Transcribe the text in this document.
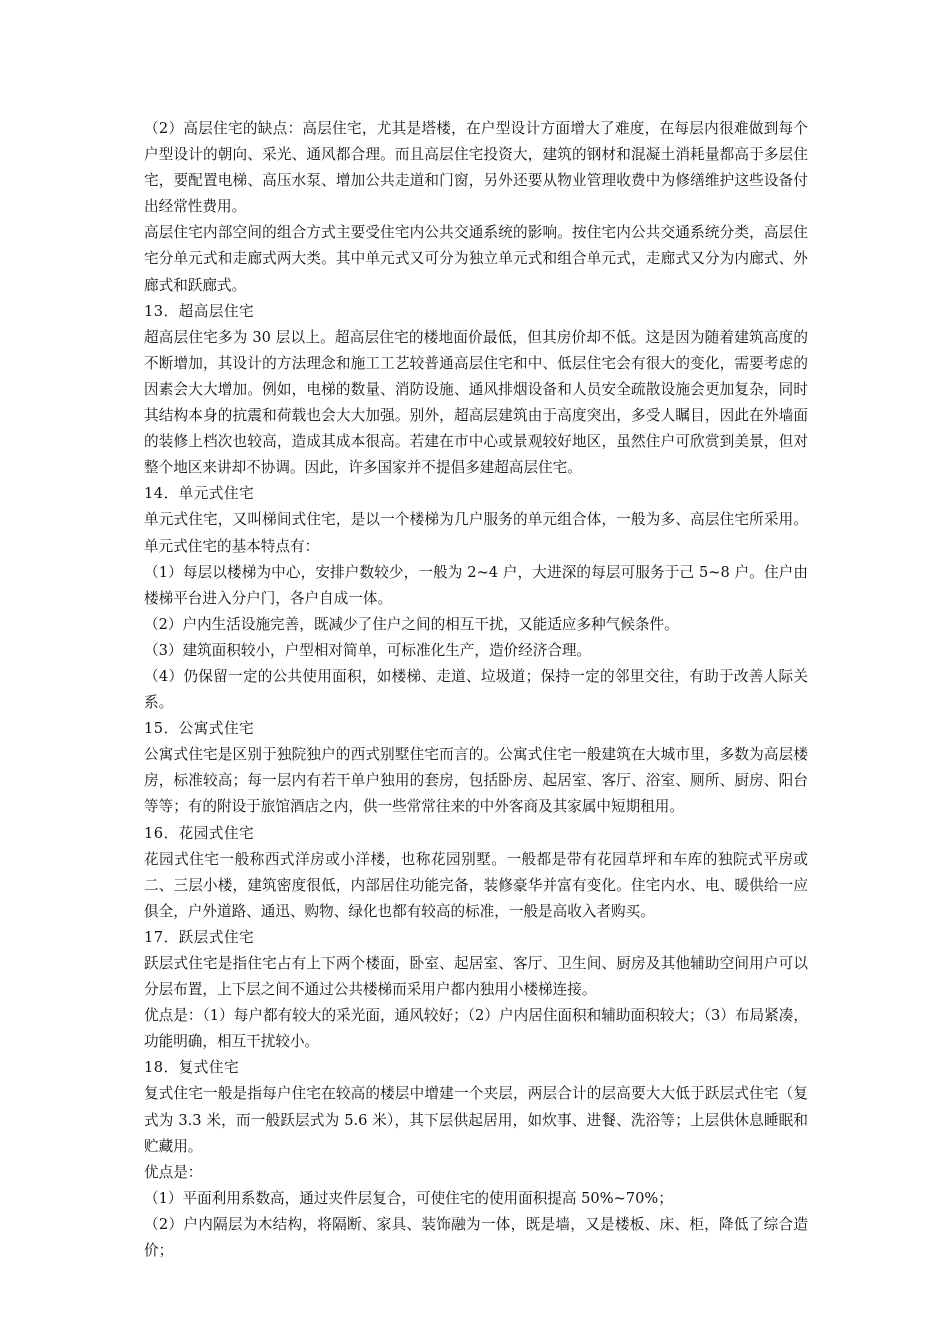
（2）高层住宅的缺点：高层住宅，尤其是塔楼，在户型设计方面增大了难度，在每层内很难做到每个户型设计的朝向、采光、通风都合理。而且高层住宅投资大，建筑的钢材和混凝土消耗量都高于多层住宅，要配置电梯、高压水泵、增加公共走道和门窗，另外还要从物业管理收费中为修缮维护这些设备付出经常性费用。

高层住宅内部空间的组合方式主要受住宅内公共交通系统的影响。按住宅内公共交通系统分类，高层住宅分单元式和走廊式两大类。其中单元式又可分为独立单元式和组合单元式，走廊式又分为内廊式、外廊式和跃廊式。

13．超高层住宅

超高层住宅多为 30 层以上。超高层住宅的楼地面价最低，但其房价却不低。这是因为随着建筑高度的不断增加，其设计的方法理念和施工工艺较普通高层住宅和中、低层住宅会有很大的变化，需要考虑的因素会大大增加。例如，电梯的数量、消防设施、通风排烟设备和人员安全疏散设施会更加复杂，同时其结构本身的抗震和荷载也会大大加强。别外，超高层建筑由于高度突出，多受人瞩目，因此在外墙面的装修上档次也较高，造成其成本很高。若建在市中心或景观较好地区，虽然住户可欣赏到美景，但对整个地区来讲却不协调。因此，许多国家并不提倡多建超高层住宅。

14．单元式住宅

单元式住宅，又叫梯间式住宅，是以一个楼梯为几户服务的单元组合体，一般为多、高层住宅所采用。单元式住宅的基本特点有：

（1）每层以楼梯为中心，安排户数较少，一般为 2~4 户，大进深的每层可服务于己 5~8 户。住户由楼梯平台进入分户门，各户自成一体。

（2）户内生活设施完善，既减少了住户之间的相互干扰，又能适应多种气候条件。

（3）建筑面积较小，户型相对简单，可标准化生产，造价经济合理。

（4）仍保留一定的公共使用面积，如楼梯、走道、垃圾道；保持一定的邻里交往，有助于改善人际关系。

15．公寓式住宅

公寓式住宅是区别于独院独户的西式别墅住宅而言的。公寓式住宅一般建筑在大城市里，多数为高层楼房，标准较高；每一层内有若干单户独用的套房，包括卧房、起居室、客厅、浴室、厕所、厨房、阳台等等；有的附设于旅馆酒店之内，供一些常常往来的中外客商及其家属中短期租用。

16．花园式住宅

花园式住宅一般称西式洋房或小洋楼，也称花园别墅。一般都是带有花园草坪和车库的独院式平房或二、三层小楼，建筑密度很低，内部居住功能完备，装修豪华并富有变化。住宅内水、电、暖供给一应俱全，户外道路、通迅、购物、绿化也都有较高的标准，一般是高收入者购买。

17．跃层式住宅

跃层式住宅是指住宅占有上下两个楼面，卧室、起居室、客厅、卫生间、厨房及其他辅助空间用户可以分层布置，上下层之间不通过公共楼梯而采用户都内独用小楼梯连接。

优点是：（1）每户都有较大的采光面，通风较好；（2）户内居住面积和辅助面积较大；（3）布局紧凑，功能明确，相互干扰较小。

18．复式住宅

复式住宅一般是指每户住宅在较高的楼层中增建一个夹层，两层合计的层高要大大低于跃层式住宅（复式为 3.3 米，而一般跃层式为 5.6 米），其下层供起居用，如炊事、进餐、洗浴等；上层供休息睡眠和贮藏用。

优点是：

（1）平面利用系数高，通过夹件层复合，可使住宅的使用面积提高 50%~70%；

（2）户内隔层为木结构，将隔断、家具、装饰融为一体，既是墙，又是楼板、床、柜，降低了综合造价；
